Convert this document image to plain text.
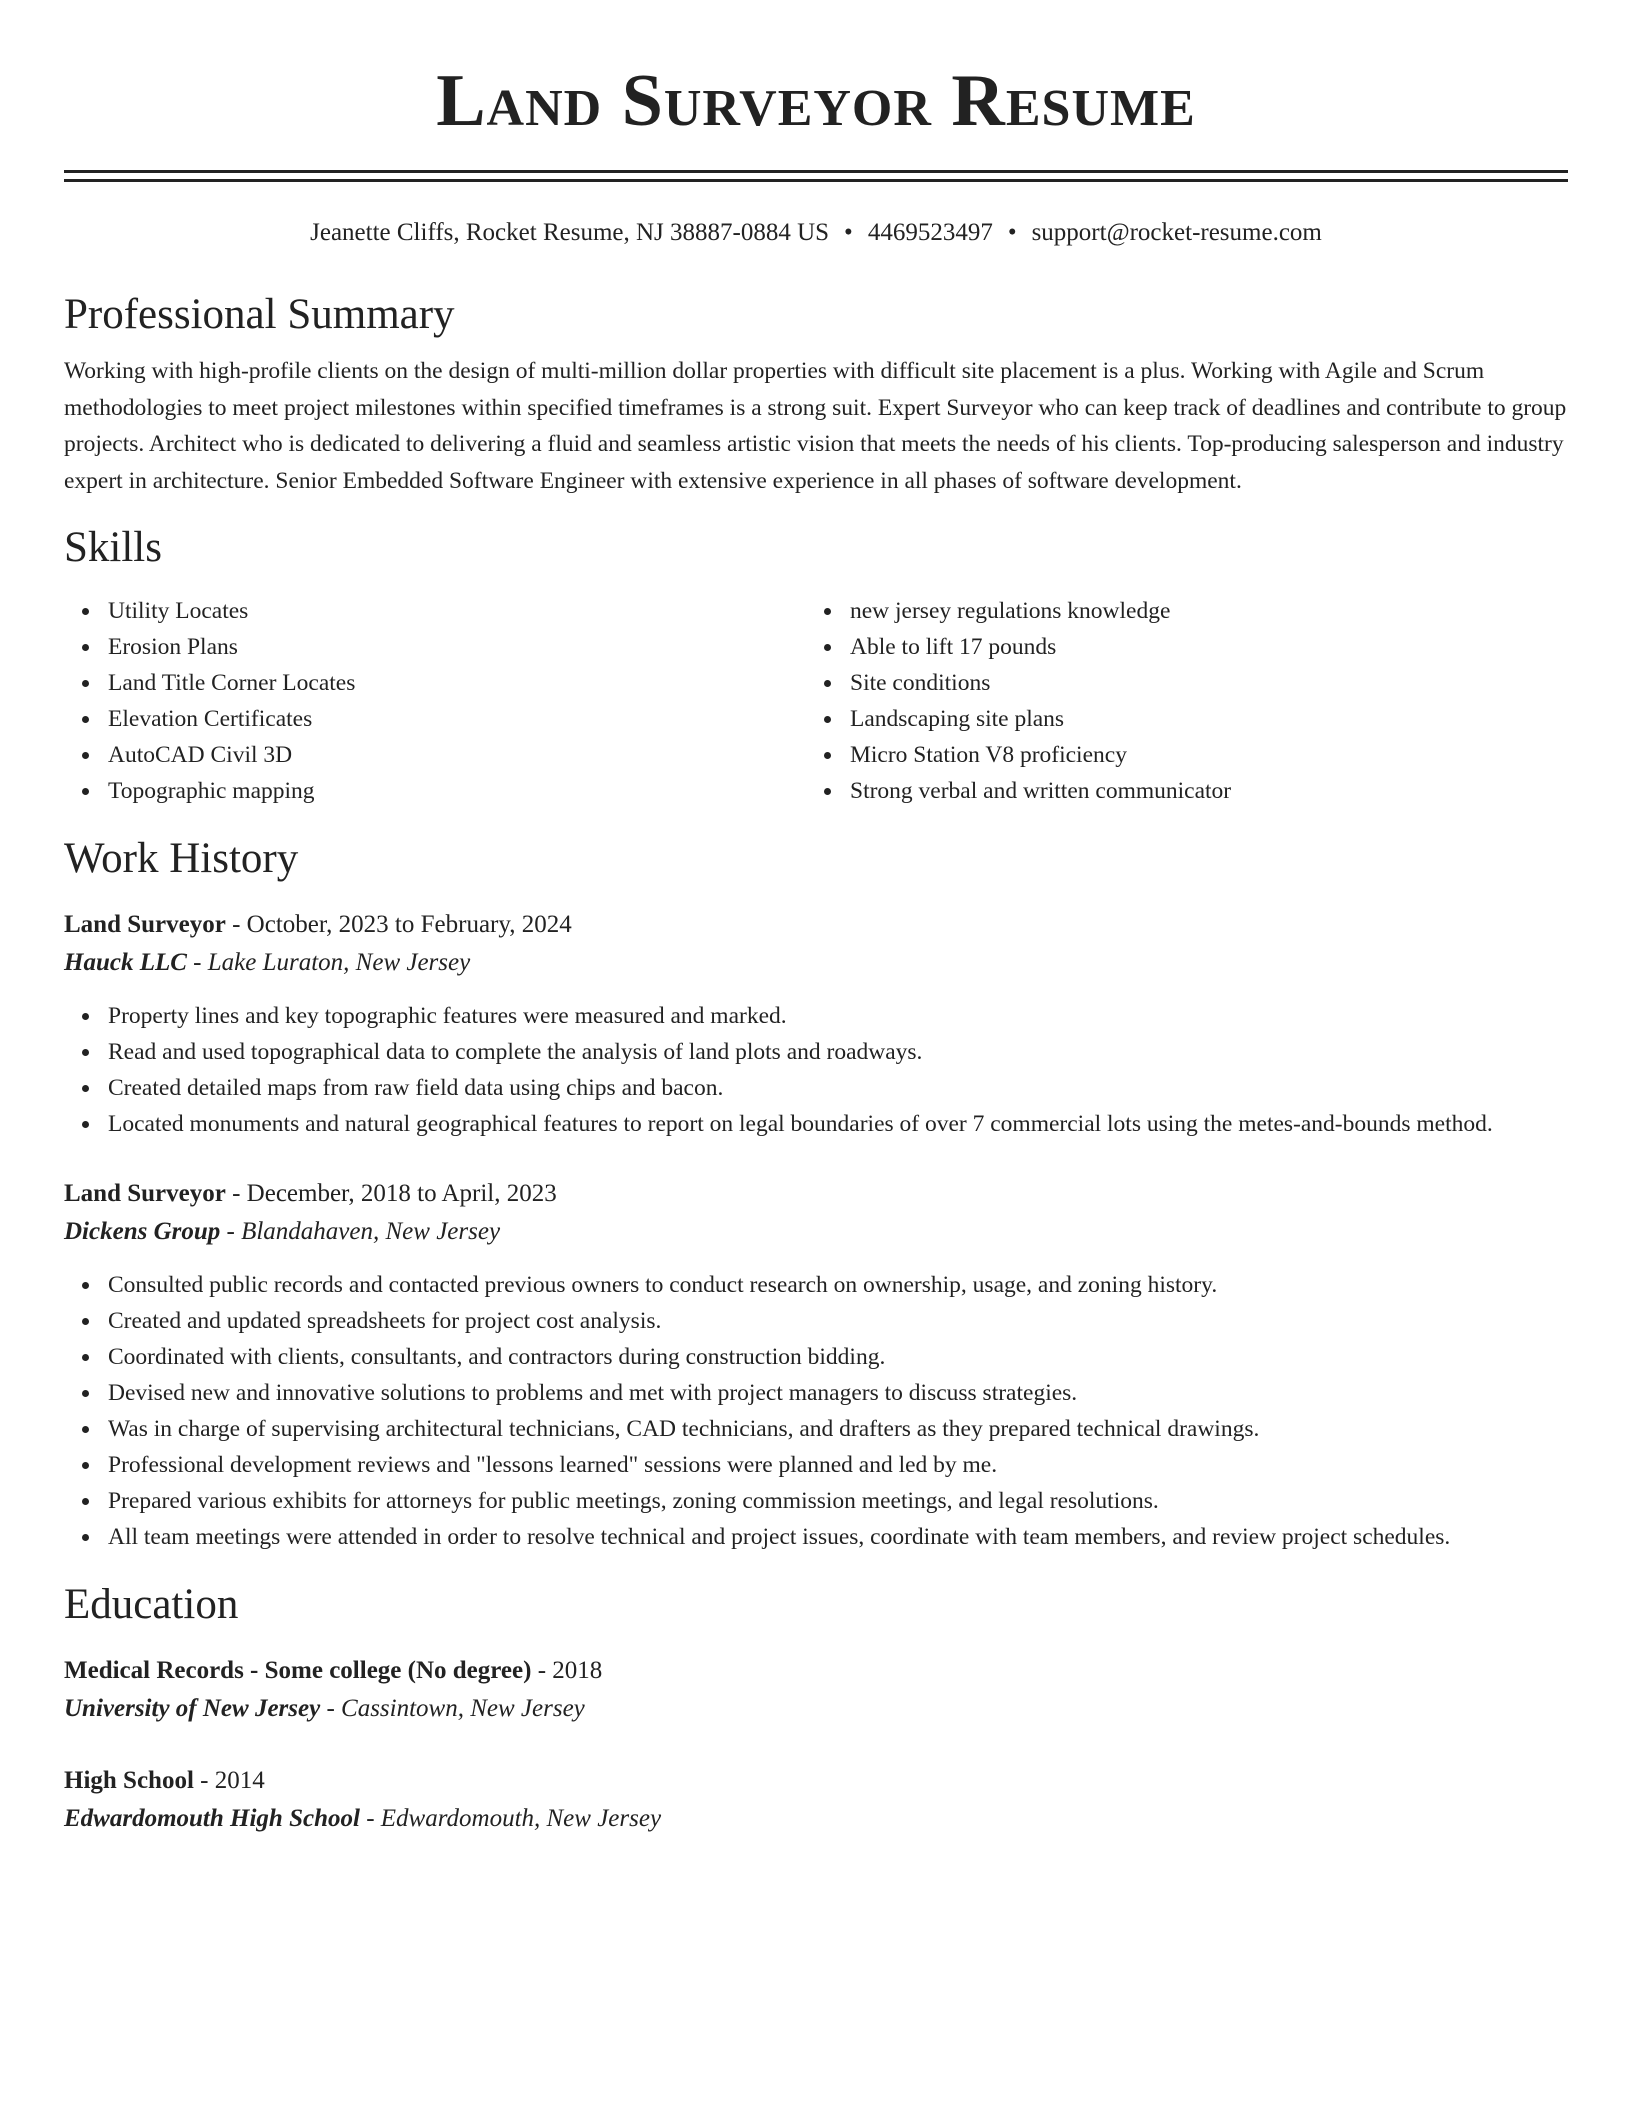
Land Surveyor Resume
Jeanette Cliffs, Rocket Resume, NJ 38887-0884 US • 4469523497 • support@rocket-resume.com
Professional Summary

Working with high-profile clients on the design of multi-million dollar properties with difficult site placement is a plus. Working with Agile and Scrum methodologies to meet project milestones within specified timeframes is a strong suit. Expert Surveyor who can keep track of deadlines and contribute to group projects. Architect who is dedicated to delivering a fluid and seamless artistic vision that meets the needs of his clients. Top-producing salesperson and industry expert in architecture. Senior Embedded Software Engineer with extensive experience in all phases of software development.

Skills
Utility Locates
Erosion Plans
Land Title Corner Locates
Elevation Certificates
AutoCAD Civil 3D
Topographic mapping
new jersey regulations knowledge
Able to lift 17 pounds
Site conditions
Landscaping site plans
Micro Station V8 proficiency
Strong verbal and written communicator
Work History
Land Surveyor - October, 2023 to February, 2024
Hauck LLC - Lake Luraton, New Jersey
Property lines and key topographic features were measured and marked.
Read and used topographical data to complete the analysis of land plots and roadways.
Created detailed maps from raw field data using chips and bacon.
Located monuments and natural geographical features to report on legal boundaries of over 7 commercial lots using the metes-and-bounds method.
Land Surveyor - December, 2018 to April, 2023
Dickens Group - Blandahaven, New Jersey
Consulted public records and contacted previous owners to conduct research on ownership, usage, and zoning history.
Created and updated spreadsheets for project cost analysis.
Coordinated with clients, consultants, and contractors during construction bidding.
Devised new and innovative solutions to problems and met with project managers to discuss strategies.
Was in charge of supervising architectural technicians, CAD technicians, and drafters as they prepared technical drawings.
Professional development reviews and "lessons learned" sessions were planned and led by me.
Prepared various exhibits for attorneys for public meetings, zoning commission meetings, and legal resolutions.
All team meetings were attended in order to resolve technical and project issues, coordinate with team members, and review project schedules.
Education
Medical Records - Some college (No degree) - 2018
University of New Jersey - Cassintown, New Jersey
High School - 2014
Edwardomouth High School - Edwardomouth, New Jersey
